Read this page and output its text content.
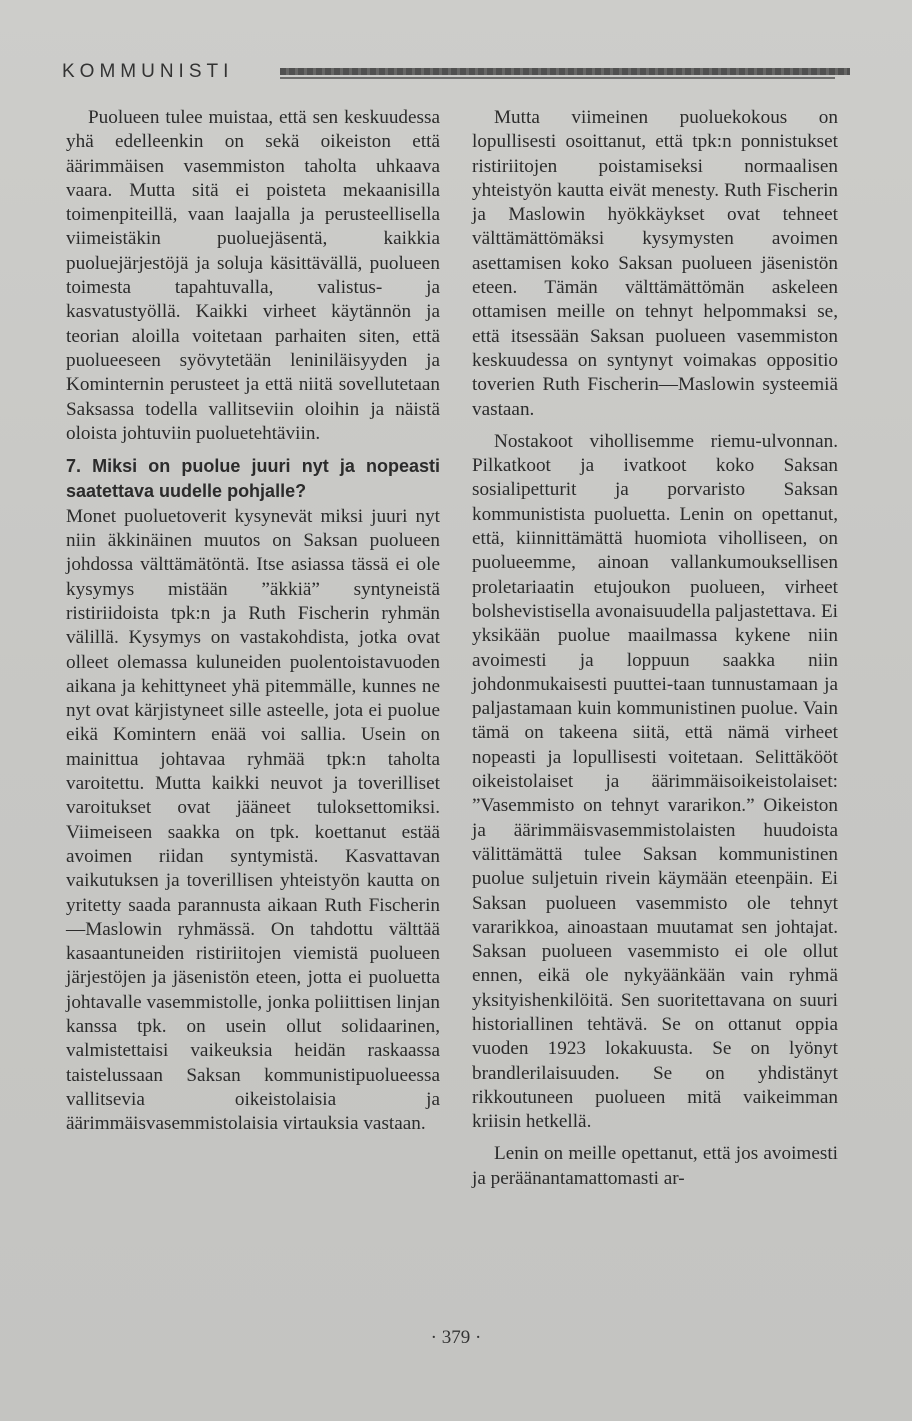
KOMMUNISTI

Puolueen tulee muistaa, että sen keskuudessa yhä edelleenkin on sekä oikeiston että äärimmäisen vasemmiston taholta uhkaava vaara. Mutta sitä ei poisteta mekaanisilla toimenpiteillä, vaan laajalla ja perusteellisella viimeistäkin puoluejäsentä, kaikkia puoluejärjestöjä ja soluja käsittävällä, puolueen toimesta tapahtuvalla, valistus- ja kasvatustyöllä. Kaikki virheet käytännön ja teorian aloilla voitetaan parhaiten siten, että puolueeseen syövytetään leniniläisyyden ja Kominternin perusteet ja että niitä sovellutetaan Saksassa todella vallitseviin oloihin ja näistä oloista johtuviin puoluetehtäviin.

7. Miksi on puolue juuri nyt ja nopeasti saatettava uudelle pohjalle?

Monet puoluetoverit kysynevät miksi juuri nyt niin äkkinäinen muutos on Saksan puolueen johdossa välttämätöntä. Itse asiassa tässä ei ole kysymys mistään ”äkkiä” syntyneistä ristiriidoista tpk:n ja Ruth Fischerin ryhmän välillä. Kysymys on vastakohdista, jotka ovat olleet olemassa kuluneiden puolentoistavuoden aikana ja kehittyneet yhä pitemmälle, kunnes ne nyt ovat kärjistyneet sille asteelle, jota ei puolue eikä Komintern enää voi sallia. Usein on mainittua johtavaa ryhmää tpk:n taholta varoitettu. Mutta kaikki neuvot ja toverilliset varoitukset ovat jääneet tuloksettomiksi. Viimeiseen saakka on tpk. koettanut estää avoimen riidan syntymistä. Kasvattavan vaikutuksen ja toverillisen yhteistyön kautta on yritetty saada parannusta aikaan Ruth Fischerin—Maslowin ryhmässä. On tahdottu välttää kasaantuneiden ristiriitojen viemistä puolueen järjestöjen ja jäsenistön eteen, jotta ei puoluetta johtavalle vasemmistolle, jonka poliittisen linjan kanssa tpk. on usein ollut solidaarinen, valmistettaisi vaikeuksia heidän raskaassa taistelussaan Saksan kommunistipuolueessa vallitsevia oikeistolaisia ja äärimmäisvasemmistolaisia virtauksia vastaan.

Mutta viimeinen puoluekokous on lopullisesti osoittanut, että tpk:n ponnistukset ristiriitojen poistamiseksi normaalisen yhteistyön kautta eivät menesty. Ruth Fischerin ja Maslowin hyökkäykset ovat tehneet välttämättömäksi kysymysten avoimen asettamisen koko Saksan puolueen jäsenistön eteen. Tämän välttämättömän askeleen ottamisen meille on tehnyt helpommaksi se, että itsessään Saksan puolueen vasemmiston keskuudessa on syntynyt voimakas oppositio toverien Ruth Fischerin—Maslowin systeemiä vastaan.

Nostakoot vihollisemme riemu-ulvonnan. Pilkatkoot ja ivatkoot koko Saksan sosialipetturit ja porvaristo Saksan kommunistista puoluetta. Lenin on opettanut, että, kiinnittämättä huomiota viholliseen, on puolueemme, ainoan vallankumouksellisen proletariaatin etujoukon puolueen, virheet bolshevistisella avonaisuudella paljastettava. Ei yksikään puolue maailmassa kykene niin avoimesti ja loppuun saakka niin johdonmukaisesti puuttei-taan tunnustamaan ja paljastamaan kuin kommunistinen puolue. Vain tämä on takeena siitä, että nämä virheet nopeasti ja lopullisesti voitetaan. Selittäkööt oikeistolaiset ja äärimmäisoikeistolaiset: ”Vasemmisto on tehnyt vararikon.” Oikeiston ja äärimmäisvasemmistolaisten huudoista välittämättä tulee Saksan kommunistinen puolue suljetuin rivein käymään eteenpäin. Ei Saksan puolueen vasemmisto ole tehnyt vararikkoa, ainoastaan muutamat sen johtajat. Saksan puolueen vasemmisto ei ole ollut ennen, eikä ole nykyäänkään vain ryhmä yksityishenkilöitä. Sen suoritettavana on suuri historiallinen tehtävä. Se on ottanut oppia vuoden 1923 lokakuusta. Se on lyönyt brandlerilaisuuden. Se on yhdistänyt rikkoutuneen puolueen mitä vaikeimman kriisin hetkellä.

Lenin on meille opettanut, että jos avoimesti ja peräänantamattomasti ar-

· 379 ·
